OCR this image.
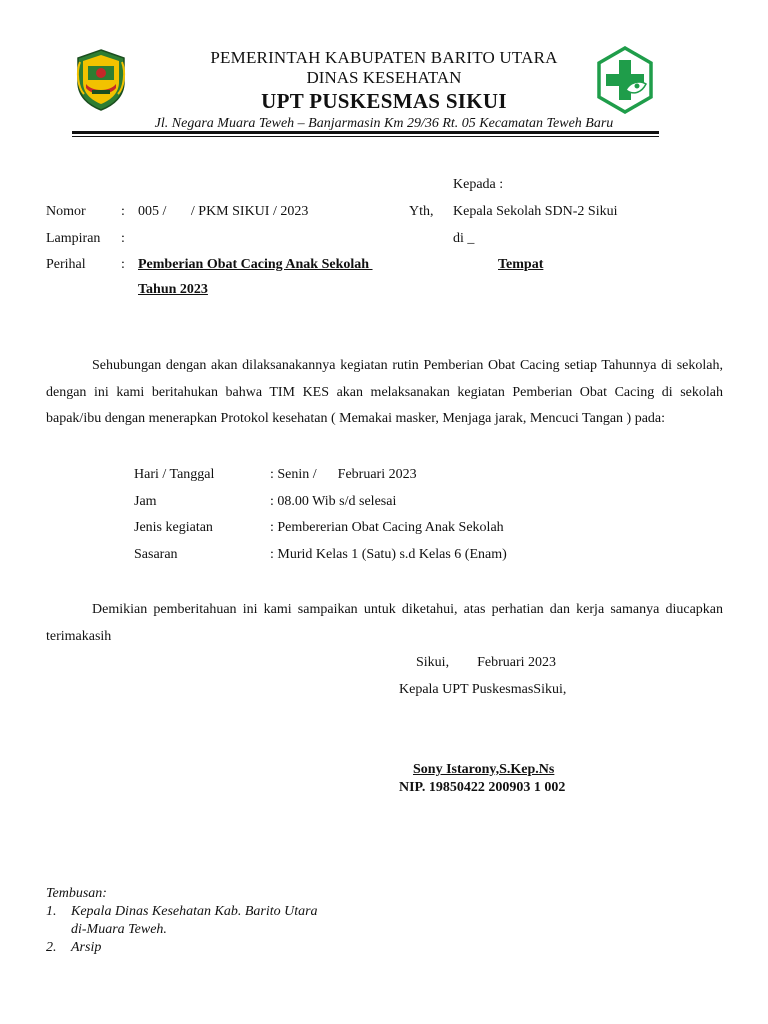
PEMERINTAH KABUPATEN BARITO UTARA
DINAS KESEHATAN
UPT PUSKESMAS SIKUI
Jl. Negara Muara Teweh – Banjarmasin Km 29/36 Rt. 05 Kecamatan Teweh Baru
Kepada :
Yth, Kepala Sekolah SDN-2 Sikui
di _
Tempat
Nomor	: 005 /       / PKM SIKUI / 2023
Lampiran :
Perihal	: Pemberian Obat Cacing Anak Sekolah
Tahun 2023
Sehubungan dengan akan dilaksanakannya kegiatan rutin Pemberian Obat Cacing setiap Tahunnya di sekolah, dengan ini kami beritahukan bahwa TIM KES akan melaksanakan kegiatan Pemberian Obat Cacing di sekolah bapak/ibu dengan menerapkan Protokol kesehatan ( Memakai masker, Menjaga jarak, Mencuci Tangan ) pada:
Hari / Tanggal	: Senin /      Februari 2023
Jam	: 08.00 Wib s/d selesai
Jenis kegiatan	: Pembererian Obat Cacing Anak Sekolah
Sasaran	: Murid Kelas 1 (Satu) s.d Kelas 6 (Enam)
Demikian pemberitahuan ini kami sampaikan untuk diketahui, atas perhatian dan kerja samanya diucapkan terimakasih
Sikui,        Februari 2023
Kepala UPT PuskesmasSikui,
Sony Istarony,S.Kep.Ns
NIP. 19850422 200903 1 002
Tembusan:
1. Kepala Dinas Kesehatan Kab. Barito Utara
di-Muara Teweh.
2. Arsip
